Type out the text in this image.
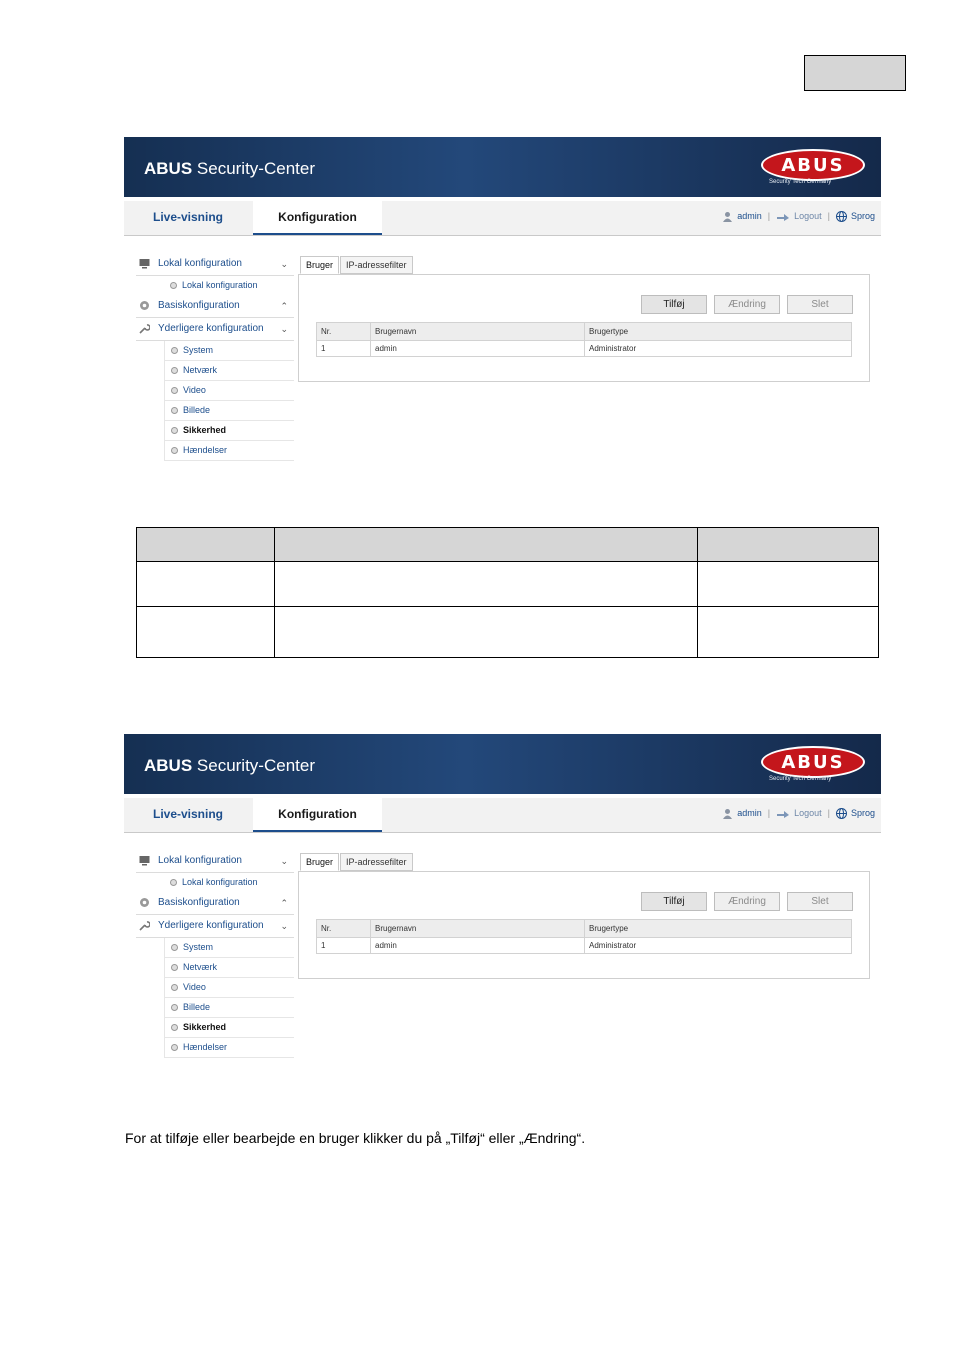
ABUS Security-Center	ABUS
Security Tech Germany
Live-visning	Konfiguration	admin |	Logout | Sprog
Lokal konfiguration	⌄
Lokal konfiguration
Basiskonfiguration	⌃
Yderligere konfiguration ⌄
System
Netværk
Video
Billede
Sikkerhed
Hændelser
Bruger IP-adressefilter
Tilføj	Ændring	Slet
Nr.	Brugernavn	Brugertype
1	admin	Administrator

ABUS Security-Center	ABUS
Security Tech Germany
Live-visning	Konfiguration	admin |	Logout | Sprog
Lokal konfiguration	⌄
Lokal konfiguration
Basiskonfiguration	⌃
Yderligere konfiguration ⌄
System
Netværk
Video
Billede
Sikkerhed
Hændelser
Bruger IP-adressefilter
Tilføj	Ændring	Slet
Nr.	Brugernavn	Brugertype
1	admin	Administrator
For at tilføje eller bearbejde en bruger klikker du på „Tilføj“ eller „Ændring“.
